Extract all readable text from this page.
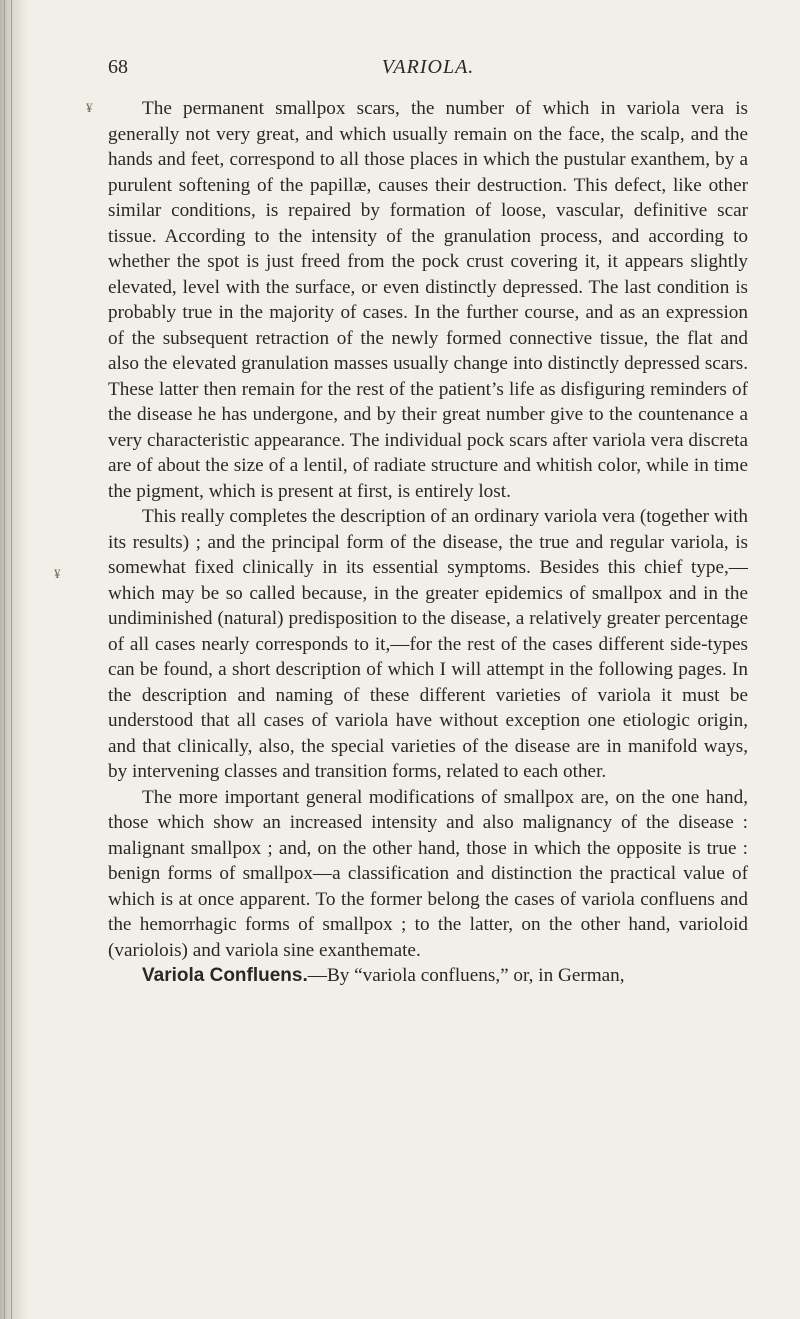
68	VARIOLA.
¥
¥

The permanent smallpox scars, the number of which in variola vera is generally not very great, and which usually remain on the face, the scalp, and the hands and feet, correspond to all those places in which the pustular exanthem, by a purulent softening of the papillæ, causes their destruction. This defect, like other similar conditions, is repaired by formation of loose, vascular, definitive scar tissue. According to the intensity of the granulation process, and according to whether the spot is just freed from the pock crust covering it, it appears slightly elevated, level with the surface, or even distinctly depressed. The last condition is probably true in the majority of cases. In the further course, and as an expression of the subsequent retraction of the newly formed connective tissue, the flat and also the elevated granulation masses usually change into distinctly depressed scars. These latter then remain for the rest of the patient’s life as disfiguring reminders of the disease he has undergone, and by their great number give to the countenance a very characteristic appearance. The individual pock scars after variola vera discreta are of about the size of a lentil, of radiate structure and whitish color, while in time the pigment, which is present at first, is entirely lost.

This really completes the description of an ordinary variola vera (together with its results) ; and the principal form of the disease, the true and regular variola, is somewhat fixed clinically in its essential symptoms. Besides this chief type,—which may be so called because, in the greater epidemics of smallpox and in the undiminished (natural) predisposition to the disease, a relatively greater percentage of all cases nearly corresponds to it,—for the rest of the cases different side-types can be found, a short description of which I will attempt in the following pages. In the description and naming of these different varieties of variola it must be understood that all cases of variola have without exception one etiologic origin, and that clinically, also, the special varieties of the disease are in manifold ways, by intervening classes and transition forms, related to each other.

The more important general modifications of smallpox are, on the one hand, those which show an increased intensity and also malignancy of the disease : malignant smallpox ; and, on the other hand, those in which the opposite is true : benign forms of smallpox—a classification and distinction the practical value of which is at once apparent. To the former belong the cases of variola confluens and the hemorrhagic forms of smallpox ; to the latter, on the other hand, varioloid (variolois) and variola sine exanthemate.

Variola Confluens.—By “variola confluens,” or, in German,
